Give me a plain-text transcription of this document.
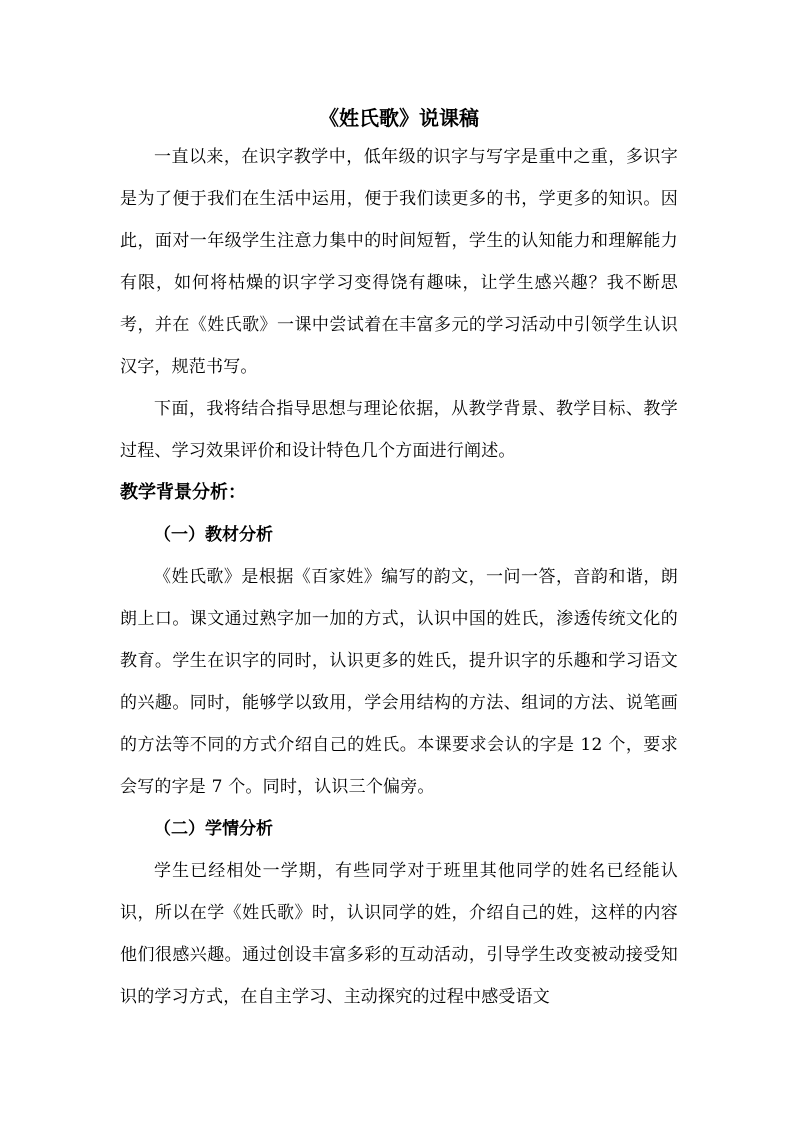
《姓氏歌》说课稿

一直以来，在识字教学中，低年级的识字与写字是重中之重，多识字是为了便于我们在生活中运用，便于我们读更多的书，学更多的知识。因此，面对一年级学生注意力集中的时间短暂，学生的认知能力和理解能力有限，如何将枯燥的识字学习变得饶有趣味，让学生感兴趣？我不断思考，并在《姓氏歌》一课中尝试着在丰富多元的学习活动中引领学生认识汉字，规范书写。

下面，我将结合指导思想与理论依据，从教学背景、教学目标、教学过程、学习效果评价和设计特色几个方面进行阐述。

教学背景分析：
（一）教材分析

《姓氏歌》是根据《百家姓》编写的韵文，一问一答，音韵和谐，朗朗上口。课文通过熟字加一加的方式，认识中国的姓氏，渗透传统文化的教育。学生在识字的同时，认识更多的姓氏，提升识字的乐趣和学习语文的兴趣。同时，能够学以致用，学会用结构的方法、组词的方法、说笔画的方法等不同的方式介绍自己的姓氏。本课要求会认的字是 12 个，要求会写的字是 7 个。同时，认识三个偏旁。

（二）学情分析

学生已经相处一学期，有些同学对于班里其他同学的姓名已经能认识，所以在学《姓氏歌》时，认识同学的姓，介绍自己的姓，这样的内容他们很感兴趣。通过创设丰富多彩的互动活动，引导学生改变被动接受知识的学习方式，在自主学习、主动探究的过程中感受语文
